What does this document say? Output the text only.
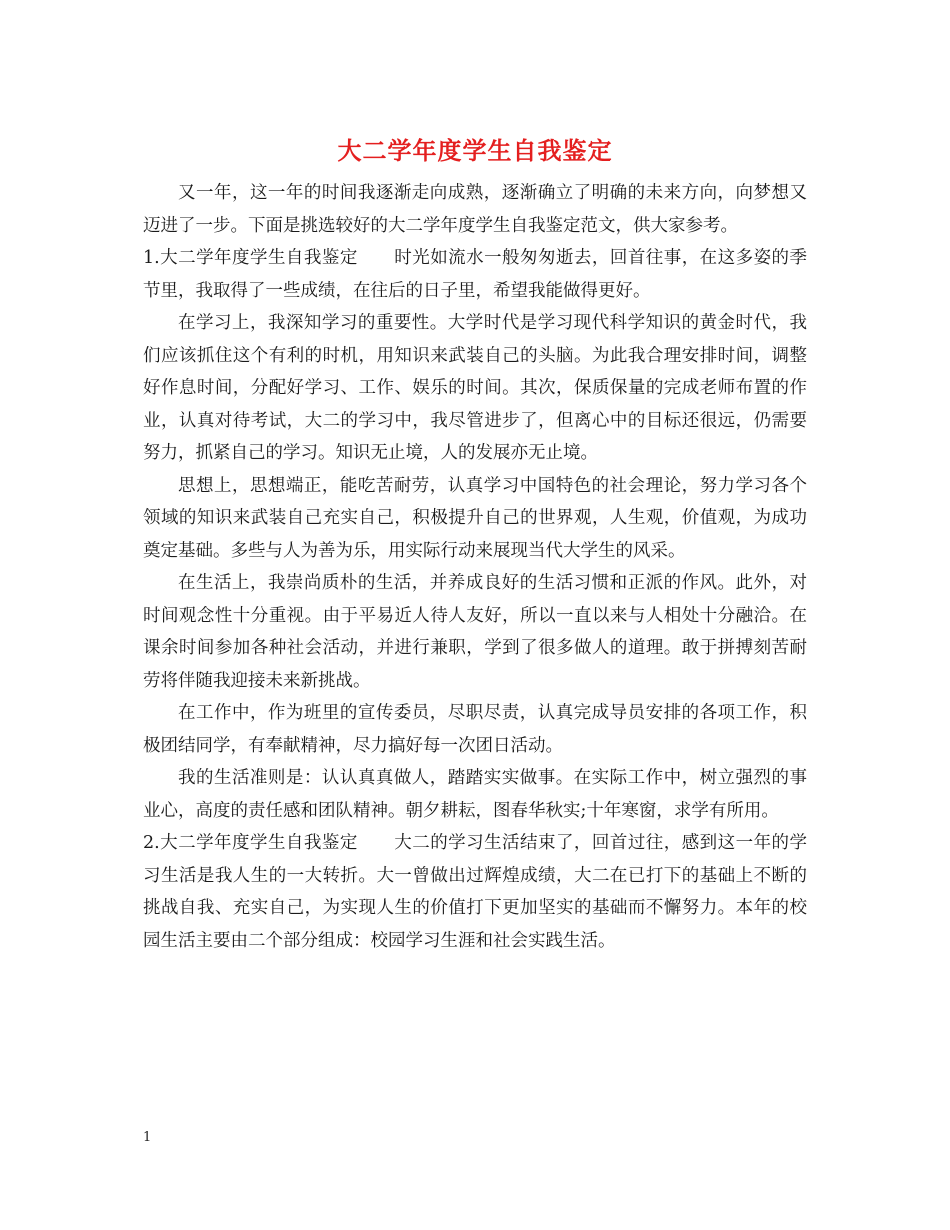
大二学年度学生自我鉴定

又一年，这一年的时间我逐渐走向成熟，逐渐确立了明确的未来方向，向梦想又迈进了一步。下面是挑选较好的大二学年度学生自我鉴定范文，供大家参考。

1.大二学年度学生自我鉴定 时光如流水一般匆匆逝去，回首往事，在这多姿的季节里，我取得了一些成绩，在往后的日子里，希望我能做得更好。

在学习上，我深知学习的重要性。大学时代是学习现代科学知识的黄金时代，我们应该抓住这个有利的时机，用知识来武装自己的头脑。为此我合理安排时间，调整好作息时间，分配好学习、工作、娱乐的时间。其次，保质保量的完成老师布置的作业，认真对待考试，大二的学习中，我尽管进步了，但离心中的目标还很远，仍需要努力，抓紧自己的学习。知识无止境，人的发展亦无止境。

思想上，思想端正，能吃苦耐劳，认真学习中国特色的社会理论，努力学习各个领域的知识来武装自己充实自己，积极提升自己的世界观，人生观，价值观，为成功奠定基础。多些与人为善为乐，用实际行动来展现当代大学生的风采。

在生活上，我崇尚质朴的生活，并养成良好的生活习惯和正派的作风。此外，对时间观念性十分重视。由于平易近人待人友好，所以一直以来与人相处十分融洽。在课余时间参加各种社会活动，并进行兼职，学到了很多做人的道理。敢于拼搏刻苦耐劳将伴随我迎接未来新挑战。

在工作中，作为班里的宣传委员，尽职尽责，认真完成导员安排的各项工作，积极团结同学，有奉献精神，尽力搞好每一次团日活动。

我的生活准则是：认认真真做人，踏踏实实做事。在实际工作中，树立强烈的事业心，高度的责任感和团队精神。朝夕耕耘，图春华秋实;十年寒窗，求学有所用。

2.大二学年度学生自我鉴定 大二的学习生活结束了，回首过往，感到这一年的学习生活是我人生的一大转折。大一曾做出过辉煌成绩，大二在已打下的基础上不断的挑战自我、充实自己，为实现人生的价值打下更加坚实的基础而不懈努力。本年的校园生活主要由二个部分组成：校园学习生涯和社会实践生活。

1
